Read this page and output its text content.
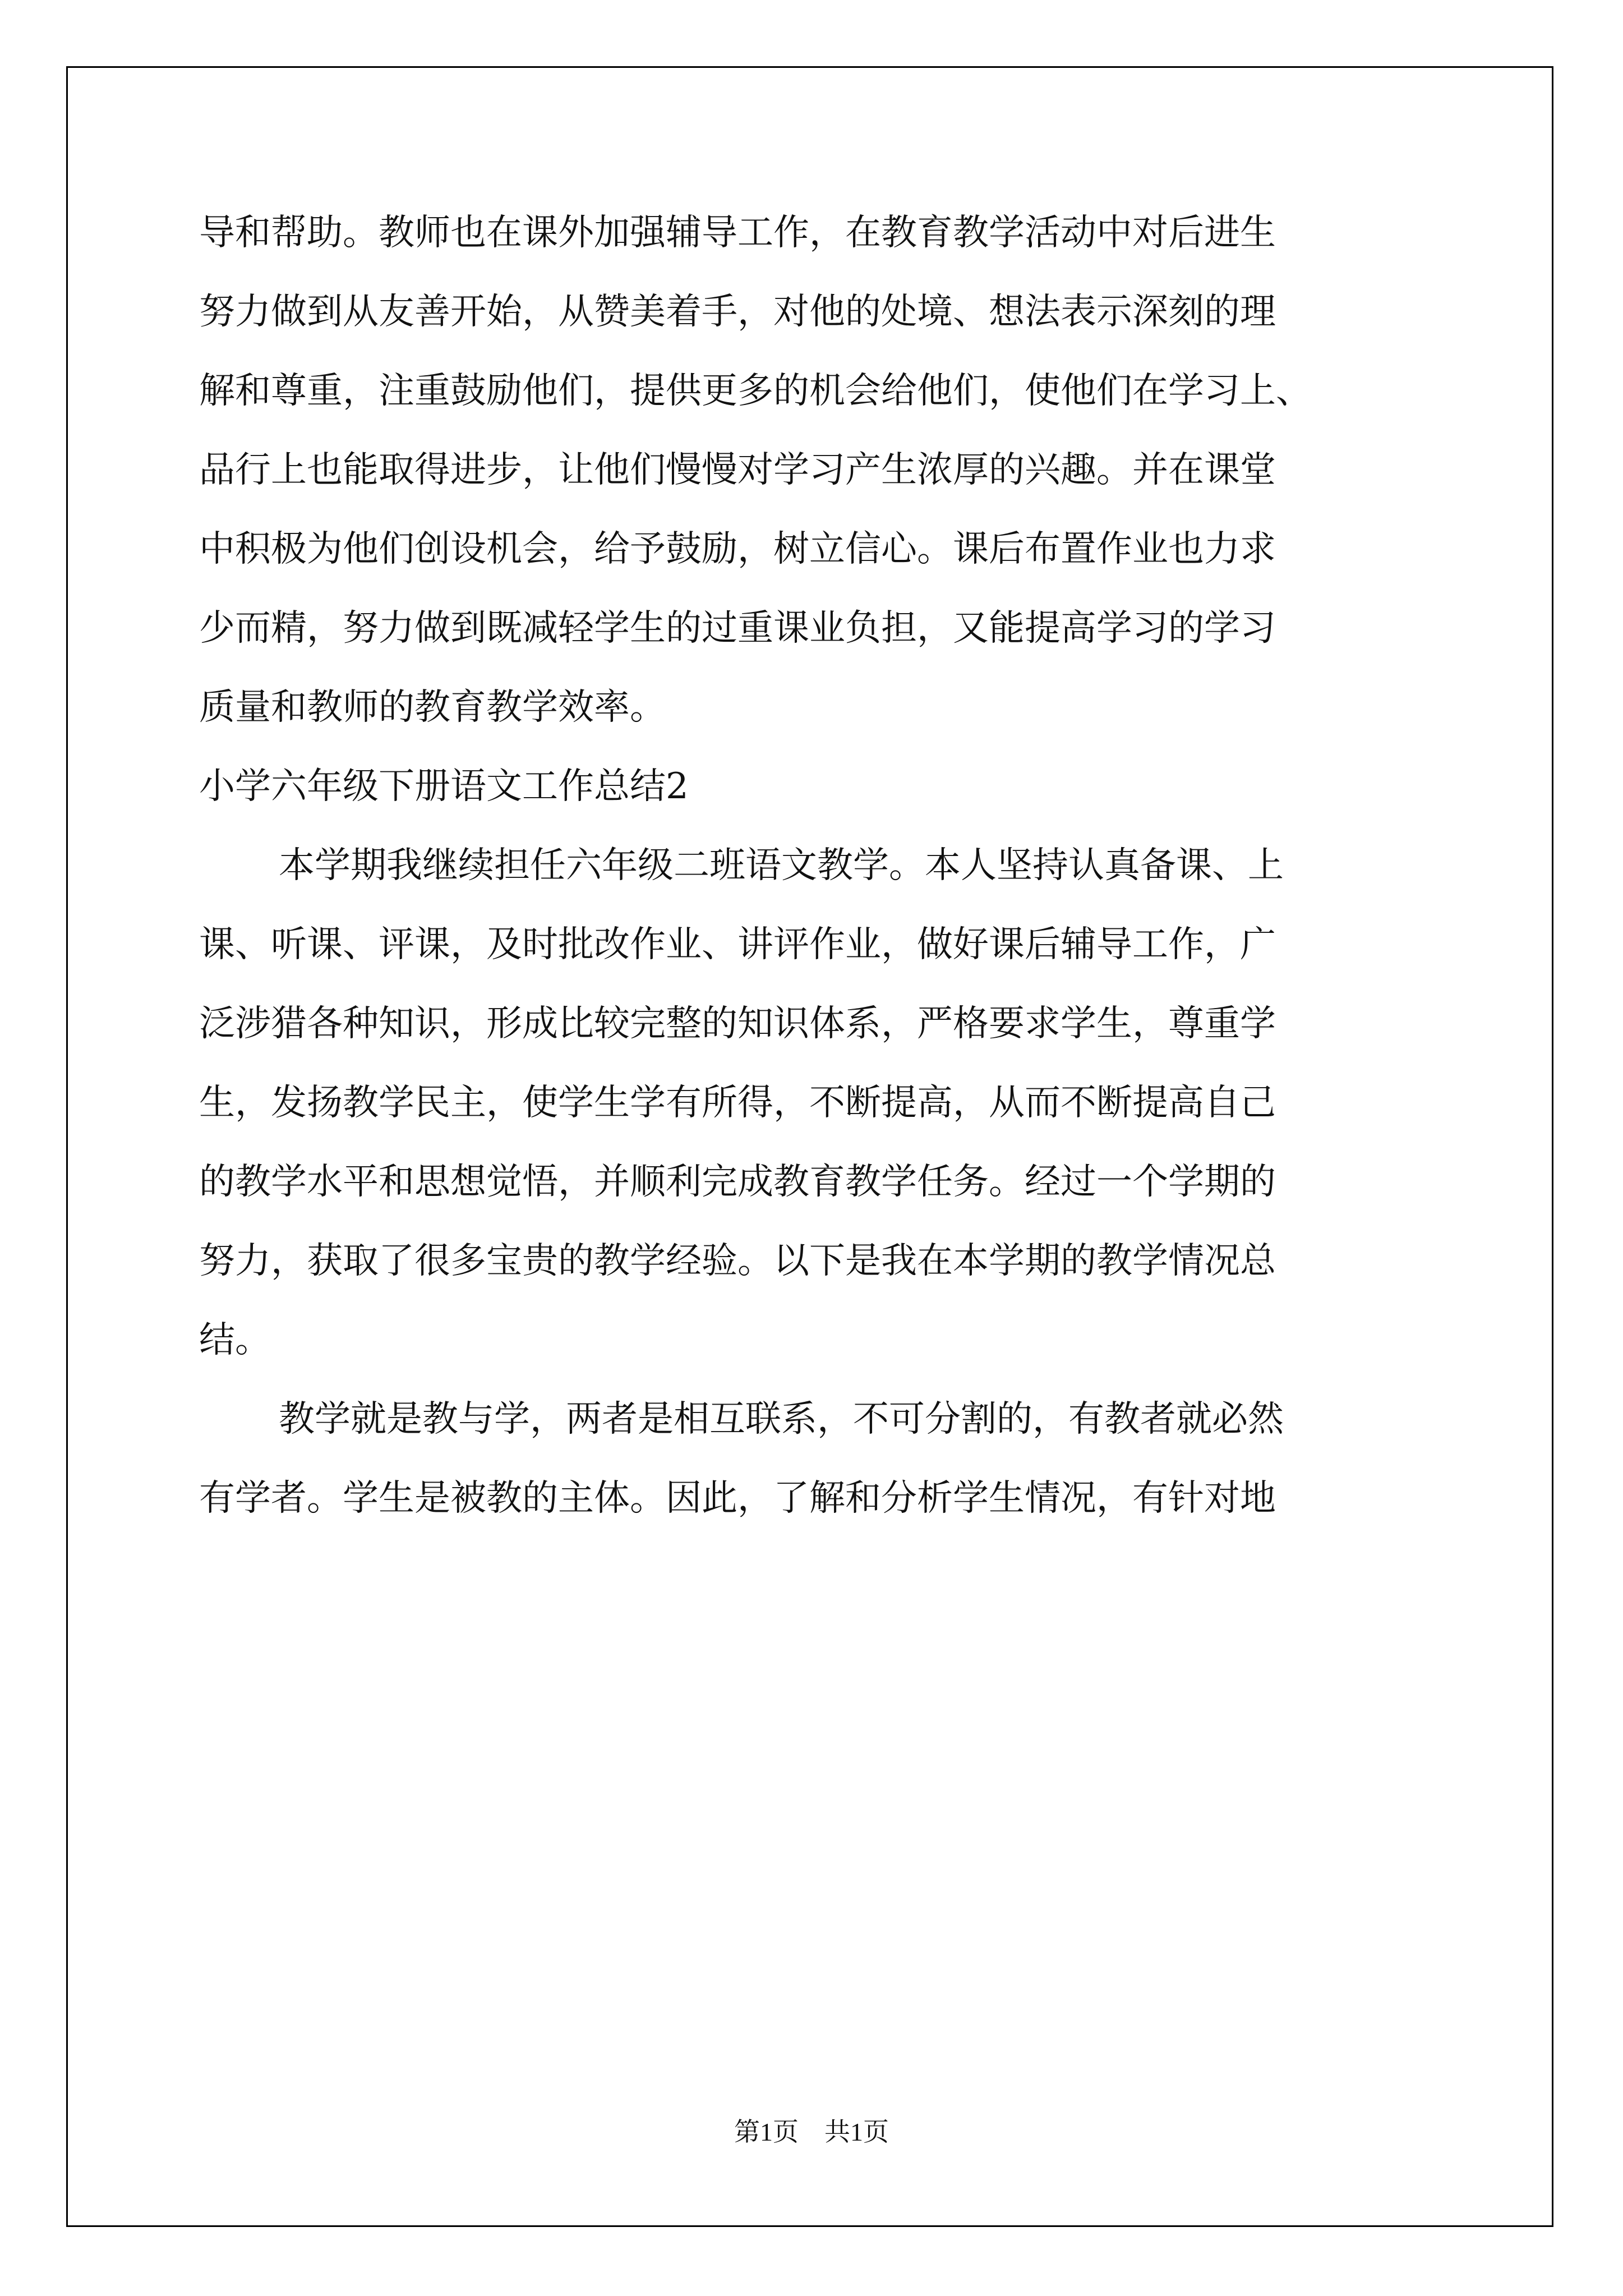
导和帮助。教师也在课外加强辅导工作，在教育教学活动中对后进生

努力做到从友善开始，从赞美着手，对他的处境、想法表示深刻的理

解和尊重，注重鼓励他们，提供更多的机会给他们，使他们在学习上、

品行上也能取得进步，让他们慢慢对学习产生浓厚的兴趣。并在课堂

中积极为他们创设机会，给予鼓励，树立信心。课后布置作业也力求

少而精，努力做到既减轻学生的过重课业负担，又能提高学习的学习

质量和教师的教育教学效率。

小学六年级下册语文工作总结2

本学期我继续担任六年级二班语文教学。本人坚持认真备课、上

课、听课、评课，及时批改作业、讲评作业，做好课后辅导工作，广

泛涉猎各种知识，形成比较完整的知识体系，严格要求学生，尊重学

生，发扬教学民主，使学生学有所得，不断提高，从而不断提高自己

的教学水平和思想觉悟，并顺利完成教育教学任务。经过一个学期的

努力，获取了很多宝贵的教学经验。以下是我在本学期的教学情况总

结。

教学就是教与学，两者是相互联系，不可分割的，有教者就必然

有学者。学生是被教的主体。因此，了解和分析学生情况，有针对地

第1页　共1页
